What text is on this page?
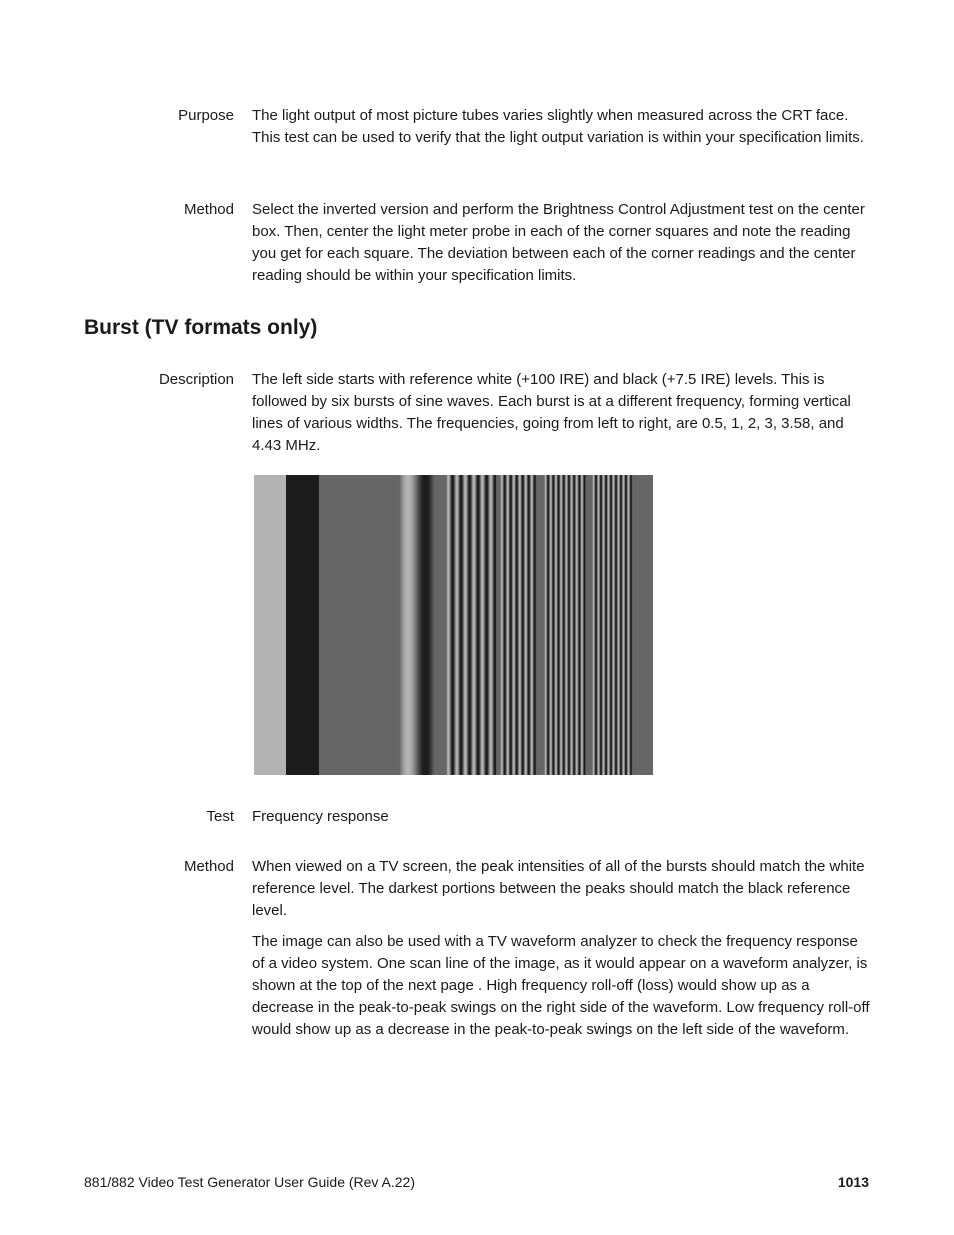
Purpose The light output of most picture tubes varies slightly when measured across the CRT face. This test can be used to verify that the light output variation is within your specification limits.

Method Select the inverted version and perform the Brightness Control Adjustment test on the center box. Then, center the light meter probe in each of the corner squares and note the reading you get for each square. The deviation between each of the corner readings and the center reading should be within your specification limits.

Burst (TV formats only)
Description The left side starts with reference white (+100 IRE) and black (+7.5 IRE) levels. This is followed by six bursts of sine waves. Each burst is at a different frequency, forming vertical lines of various widths. The frequencies, going from left to right, are 0.5, 1, 2, 3, 3.58, and 4.43 MHz.

Test Frequency response

Method When viewed on a TV screen, the peak intensities of all of the bursts should match the white reference level. The darkest portions between the peaks should match the black reference level.

The image can also be used with a TV waveform analyzer to check the frequency response of a video system. One scan line of the image, as it would appear on a waveform analyzer, is shown at the top of the next page . High frequency roll-off (loss) would show up as a decrease in the peak-to-peak swings on the right side of the waveform. Low frequency roll-off would show up as a decrease in the peak-to-peak swings on the left side of the waveform.

881/882 Video Test Generator User Guide (Rev A.22)	1013
